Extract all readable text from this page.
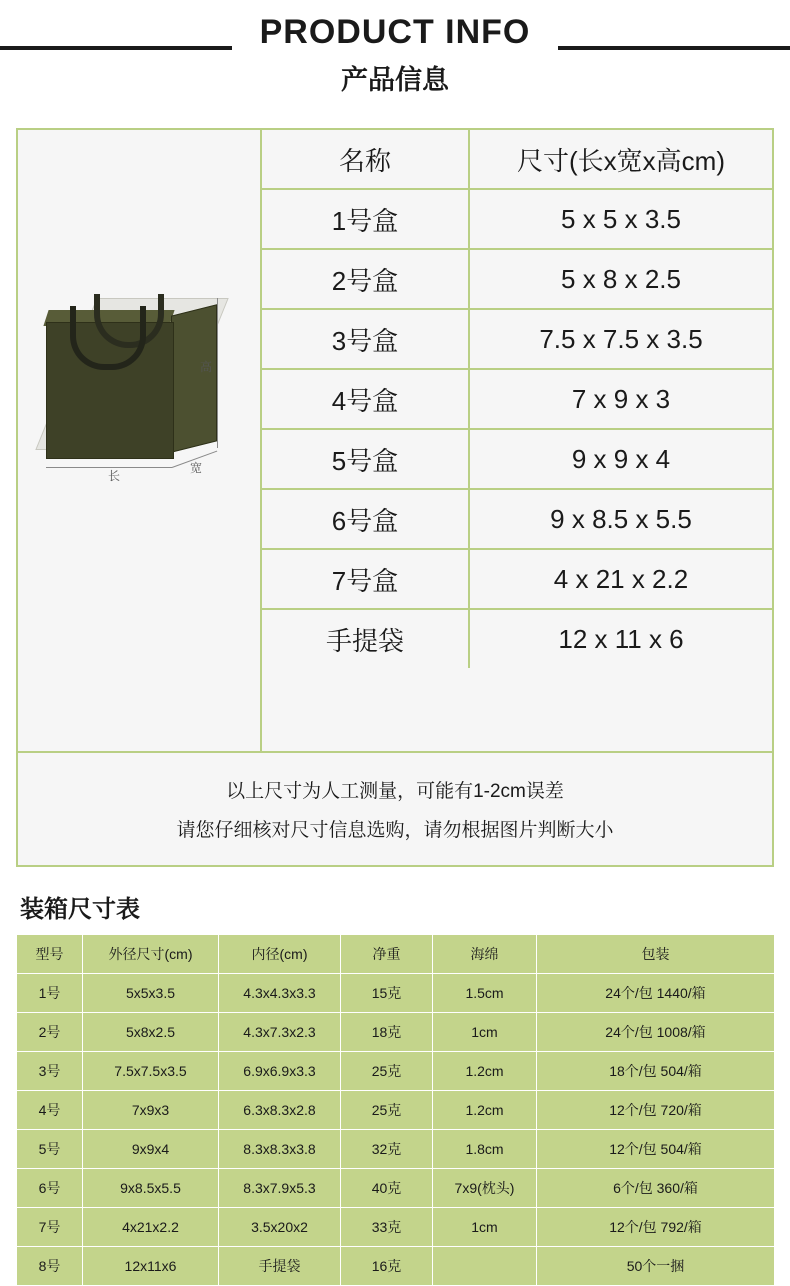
PRODUCT INFO
产品信息
高
长
宽
名称	尺寸(长x宽x高cm)
1号盒	5 x 5 x 3.5
2号盒	5 x 8 x 2.5
3号盒	7.5 x 7.5 x 3.5
4号盒	7 x 9 x 3
5号盒	9 x 9 x 4
6号盒	9 x 8.5 x 5.5
7号盒	4 x 21 x 2.2
手提袋	12 x 11 x 6
以上尺寸为人工测量，可能有1-2cm误差
请您仔细核对尺寸信息选购，请勿根据图片判断大小
装箱尺寸表
型号	外径尺寸(cm)	内径(cm)	净重	海绵	包装
1号	5x5x3.5	4.3x4.3x3.3	15克	1.5cm	24个/包 1440/箱
2号	5x8x2.5	4.3x7.3x2.3	18克	1cm	24个/包 1008/箱
3号	7.5x7.5x3.5	6.9x6.9x3.3	25克	1.2cm	18个/包 504/箱
4号	7x9x3	6.3x8.3x2.8	25克	1.2cm	12个/包 720/箱
5号	9x9x4	8.3x8.3x3.8	32克	1.8cm	12个/包 504/箱
6号	9x8.5x5.5	8.3x7.9x5.3	40克	7x9(枕头)	6个/包 360/箱
7号	4x21x2.2	3.5x20x2	33克	1cm	12个/包 792/箱
8号	12x11x6	手提袋	16克		50个一捆
